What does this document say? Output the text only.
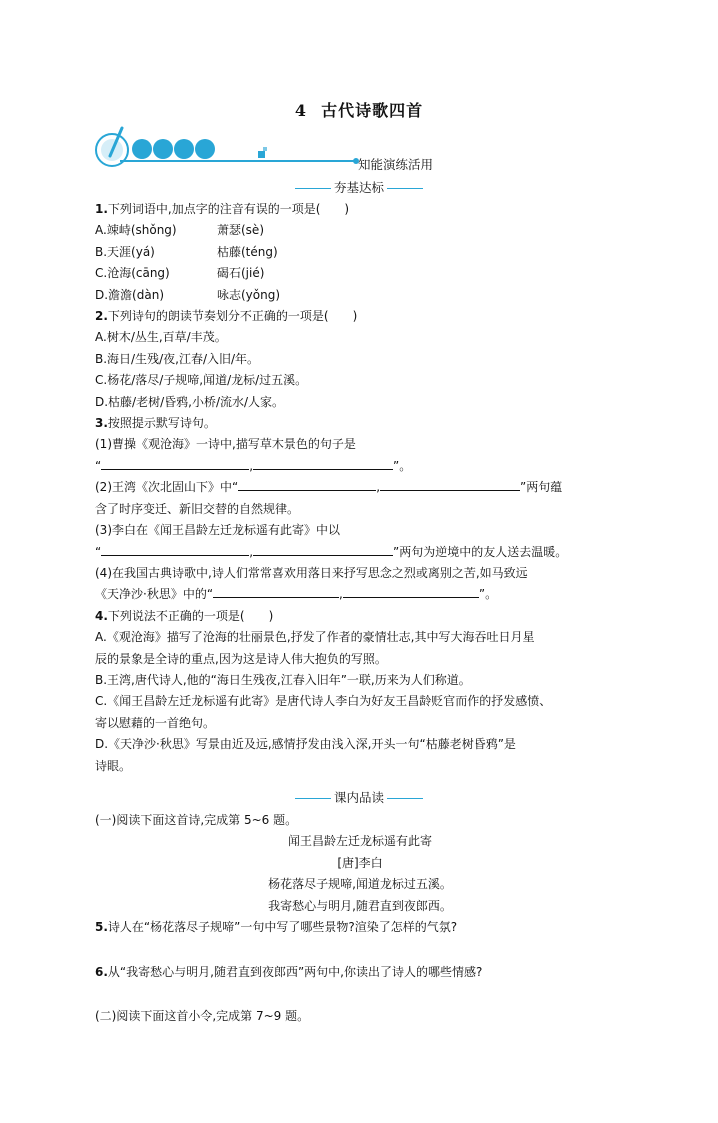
4 古代诗歌四首
知能演练活用
夯基达标

1.下列词语中,加点字的注音有误的一项是(　　)

A.竦峙(shǒng)	萧瑟(sè)

B.天涯(yá)	枯藤(téng)

C.沧海(cāng)	碣石(jié)

D.澹澹(dàn)	咏志(yǒng)

2.下列诗句的朗读节奏划分不正确的一项是(　　)

A.树木/丛生,百草/丰茂。

B.海日/生残/夜,江春/入旧/年。

C.杨花/落尽/子规啼,闻道/龙标/过五溪。

D.枯藤/老树/昏鸦,小桥/流水/人家。

3.按照提示默写诗句。

(1)曹操《观沧海》一诗中,描写草木景色的句子是

“	,	”。

(2)王湾《次北固山下》中“	,	”两句蕴

含了时序变迁、新旧交替的自然规律。

(3)李白在《闻王昌龄左迁龙标遥有此寄》中以

“	,	”两句为逆境中的友人送去温暖。

(4)在我国古典诗歌中,诗人们常常喜欢用落日来抒写思念之烈或离别之苦,如马致远

《天净沙·秋思》中的“	,	”。

4.下列说法不正确的一项是(　　)

A.《观沧海》描写了沧海的壮丽景色,抒发了作者的豪情壮志,其中写大海吞吐日月星

辰的景象是全诗的重点,因为这是诗人伟大抱负的写照。

B.王湾,唐代诗人,他的“海日生残夜,江春入旧年”一联,历来为人们称道。

C.《闻王昌龄左迁龙标遥有此寄》是唐代诗人李白为好友王昌龄贬官而作的抒发感愤、

寄以慰藉的一首绝句。

D.《天净沙·秋思》写景由近及远,感情抒发由浅入深,开头一句“枯藤老树昏鸦”是

诗眼。

课内品读

(一)阅读下面这首诗,完成第 5~6 题。

闻王昌龄左迁龙标遥有此寄

[唐]李白

杨花落尽子规啼,闻道龙标过五溪。

我寄愁心与明月,随君直到夜郎西。

5.诗人在“杨花落尽子规啼”一句中写了哪些景物?渲染了怎样的气氛?

6.从“我寄愁心与明月,随君直到夜郎西”两句中,你读出了诗人的哪些情感?

(二)阅读下面这首小令,完成第 7~9 题。
